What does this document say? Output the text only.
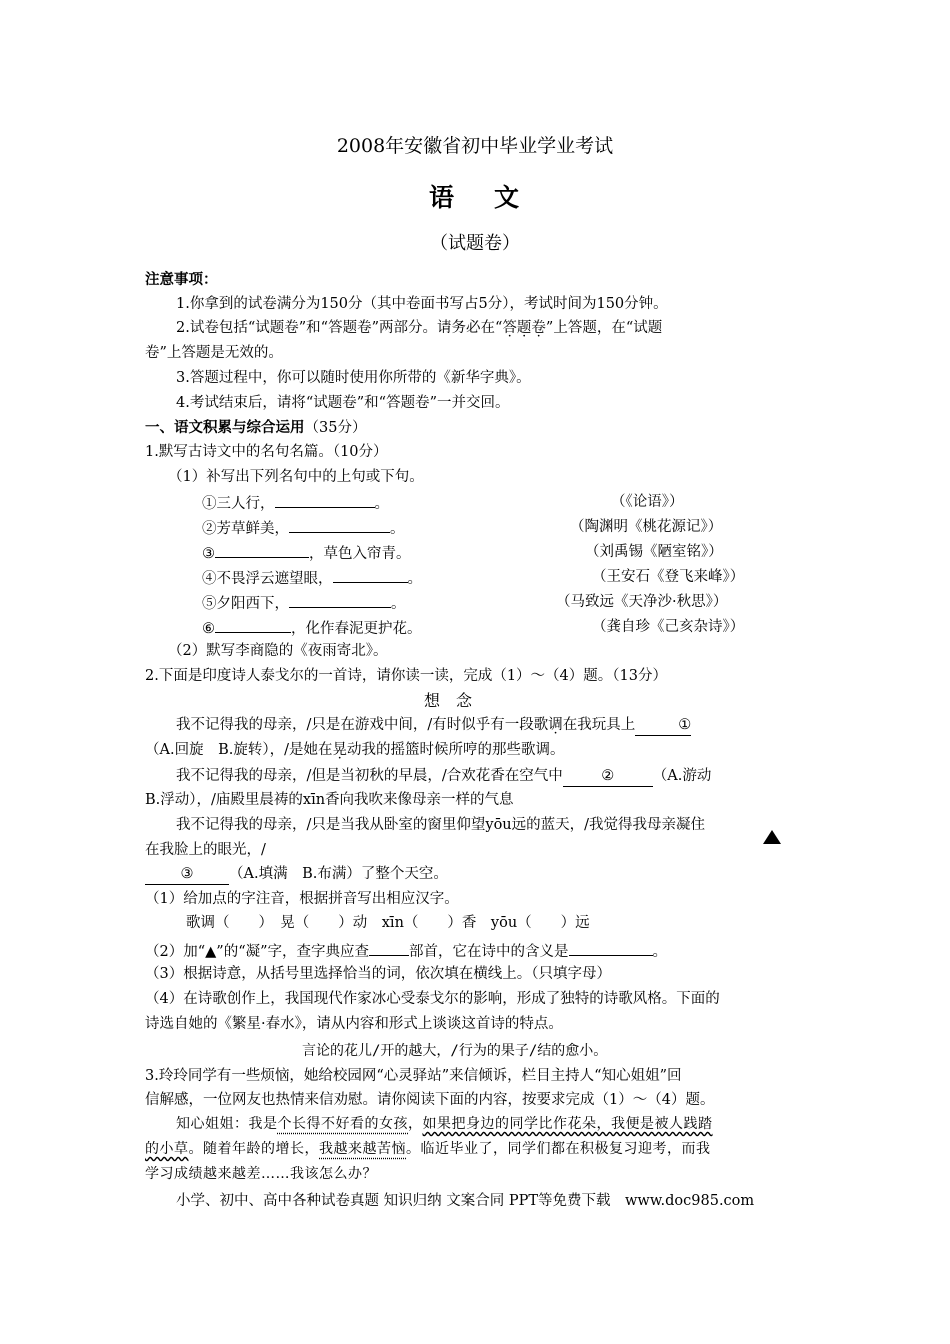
2008年安徽省初中毕业学业考试
语 文
（试题卷）
注意事项：
1.你拿到的试卷满分为150分（其中卷面书写占5分），考试时间为150分钟。
2.试卷包括“试题卷”和“答题卷”两部分。请务必在“答题卷”上答题，在“试题
卷”上答题是无效的。
3.答题过程中，你可以随时使用你所带的《新华字典》。
4.考试结束后，请将“试题卷”和“答题卷”一并交回。
一、语文积累与综合运用（35分）
1.默写古诗文中的名句名篇。（10分）
（1）补写出下列名句中的上句或下句。
①三人行，	。	（《论语》）
②芳草鲜美，	。	（陶渊明《桃花源记》）
③	，草色入帘青。	（刘禹锡《陋室铭》）
④不畏浮云遮望眼，	。	（王安石《登飞来峰》）
⑤夕阳西下，	。	（马致远《天净沙·秋思》）
⑥	，化作春泥更护花。	（龚自珍《己亥杂诗》）
（2）默写李商隐的《夜雨寄北》。
2.下面是印度诗人泰戈尔的一首诗，请你读一读，完成（1）～（4）题。（13分）
想　念
我不记得我的母亲，/只是在游戏中间，/有时似乎有一段歌调在我玩具上	①
（A.回旋　B.旋转），/是她在晃动我的摇篮时候所哼的那些歌调。
我不记得我的母亲，/但是当初秋的早晨，/合欢花香在空气中	②	（A.游动
B.浮动），/庙殿里晨祷的xīn香向我吹来像母亲一样的气息
我不记得我的母亲，/只是当我从卧室的窗里仰望yōu远的蓝天，/我觉得我母亲凝住
在我脸上的眼光，/
③ （A.填满　B.布满）了整个天空。
（1）给加点的字注音，根据拼音写出相应汉字。
歌调（　　）　晃（　　）动　xīn（　　）香　yōu（　　）远
（2）加“▲”的“凝”字，查字典应查	部首，它在诗中的含义是	。
（3）根据诗意，从括号里选择恰当的词，依次填在横线上。（只填字母）
（4）在诗歌创作上，我国现代作家冰心受泰戈尔的影响，形成了独特的诗歌风格。下面的
诗选自她的《繁星·春水》，请从内容和形式上谈谈这首诗的特点。
言论的花儿/开的越大，/行为的果子/结的愈小。
3.玲玲同学有一些烦恼，她给校园网“心灵驿站”来信倾诉，栏目主持人“知心姐姐”回
信解感，一位网友也热情来信劝慰。请你阅读下面的内容，按要求完成（1）～（4）题。
知心姐姐：我是个长得不好看的女孩，如果把身边的同学比作花朵，我便是被人践踏
的小草。随着年龄的增长，我越来越苦恼。临近毕业了，同学们都在积极复习迎考，而我
学习成绩越来越差……我该怎么办？
小学、初中、高中各种试卷真题 知识归纳 文案合同 PPT等免费下载　www.doc985.com
